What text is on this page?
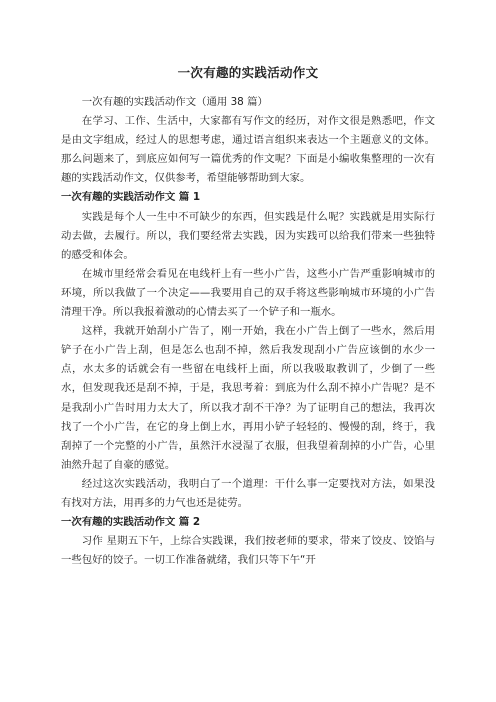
一次有趣的实践活动作文

一次有趣的实践活动作文（通用 38 篇）

在学习、工作、生活中，大家都有写作文的经历，对作文很是熟悉吧，作文是由文字组成，经过人的思想考虑，通过语言组织来表达一个主题意义的文体。那么问题来了，到底应如何写一篇优秀的作文呢？下面是小编收集整理的一次有趣的实践活动作文，仅供参考，希望能够帮助到大家。

一次有趣的实践活动作文 篇 1

实践是每个人一生中不可缺少的东西，但实践是什么呢？实践就是用实际行动去做，去履行。所以，我们要经常去实践，因为实践可以给我们带来一些独特的感受和体会。

在城市里经常会看见在电线杆上有一些小广告，这些小广告严重影响城市的环境，所以我做了一个决定——我要用自己的双手将这些影响城市环境的小广告清理干净。所以我报着激动的心情去买了一个铲子和一瓶水。

这样，我就开始刮小广告了，刚一开始，我在小广告上倒了一些水，然后用铲子在小广告上刮，但是怎么也刮不掉，然后我发现刮小广告应该倒的水少一点，水太多的话就会有一些留在电线杆上面，所以我吸取教训了，少倒了一些水，但发现我还是刮不掉，于是，我思考着：到底为什么刮不掉小广告呢？是不是我刮小广告时用力太大了，所以我才刮不干净？为了证明自己的想法，我再次找了一个小广告，在它的身上倒上水，再用小铲子轻轻的、慢慢的刮，终于，我刮掉了一个完整的小广告，虽然汗水浸湿了衣服，但我望着刮掉的小广告，心里油然升起了自豪的感觉。

经过这次实践活动，我明白了一个道理：干什么事一定要找对方法，如果没有找对方法，用再多的力气也还是徒劳。

一次有趣的实践活动作文 篇 2

习作 星期五下午，上综合实践课，我们按老师的要求，带来了饺皮、饺馅与一些包好的饺子。一切工作准备就绪，我们只等下午“开
